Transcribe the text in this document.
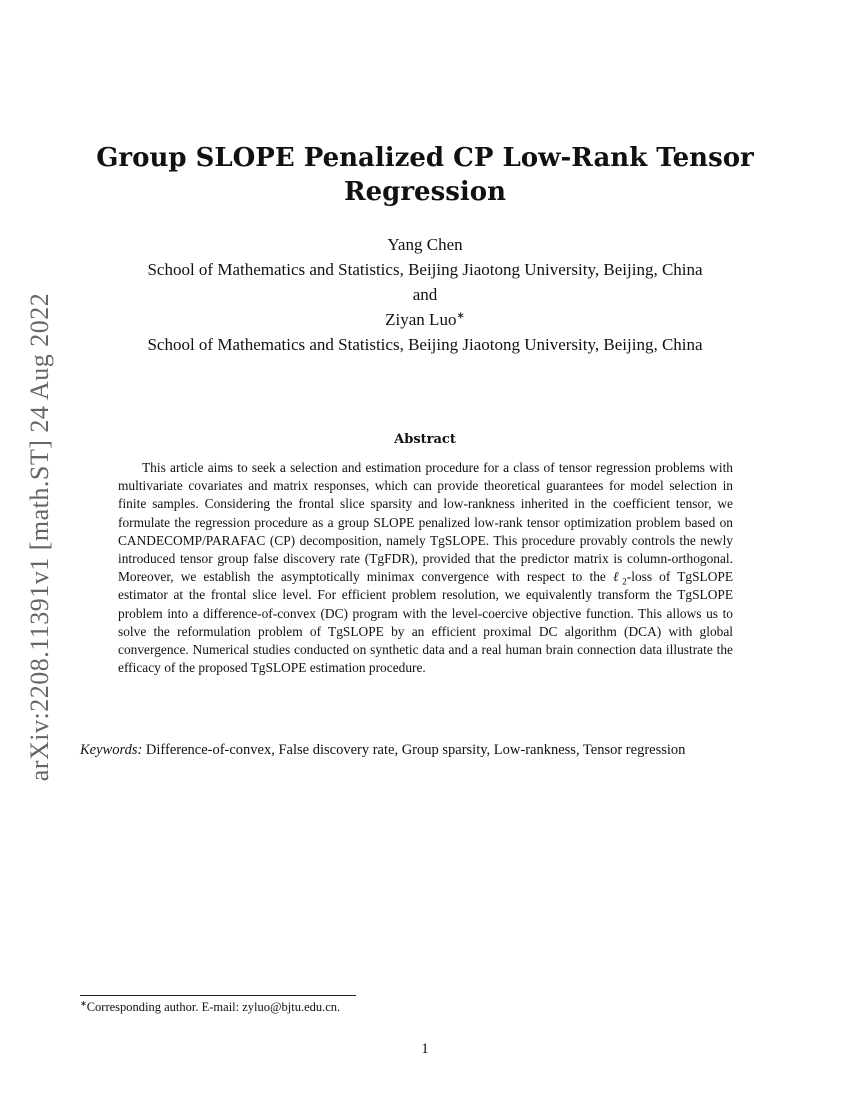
arXiv:2208.11391v1 [math.ST] 24 Aug 2022
Group SLOPE Penalized CP Low-Rank Tensor Regression
Yang Chen
School of Mathematics and Statistics, Beijing Jiaotong University, Beijing, China
and
Ziyan Luo∗
School of Mathematics and Statistics, Beijing Jiaotong University, Beijing, China
Abstract
This article aims to seek a selection and estimation procedure for a class of tensor regression problems with multivariate covariates and matrix responses, which can provide theoretical guarantees for model selection in finite samples. Considering the frontal slice sparsity and low-rankness inherited in the coefficient tensor, we formulate the regression procedure as a group SLOPE penalized low-rank tensor optimization problem based on CANDECOMP/PARAFAC (CP) decomposition, namely TgSLOPE. This procedure provably controls the newly introduced tensor group false discovery rate (TgFDR), provided that the predictor matrix is column-orthogonal. Moreover, we establish the asymptotically minimax convergence with respect to the ℓ$_2$-loss of TgSLOPE estimator at the frontal slice level. For efficient problem resolution, we equivalently transform the TgSLOPE problem into a difference-of-convex (DC) program with the level-coercive objective function. This allows us to solve the reformulation problem of TgSLOPE by an efficient proximal DC algorithm (DCA) with global convergence. Numerical studies conducted on synthetic data and a real human brain connection data illustrate the efficacy of the proposed TgSLOPE estimation procedure.
Keywords: Difference-of-convex, False discovery rate, Group sparsity, Low-rankness, Tensor regression
∗Corresponding author. E-mail: zyluo@bjtu.edu.cn.
1
